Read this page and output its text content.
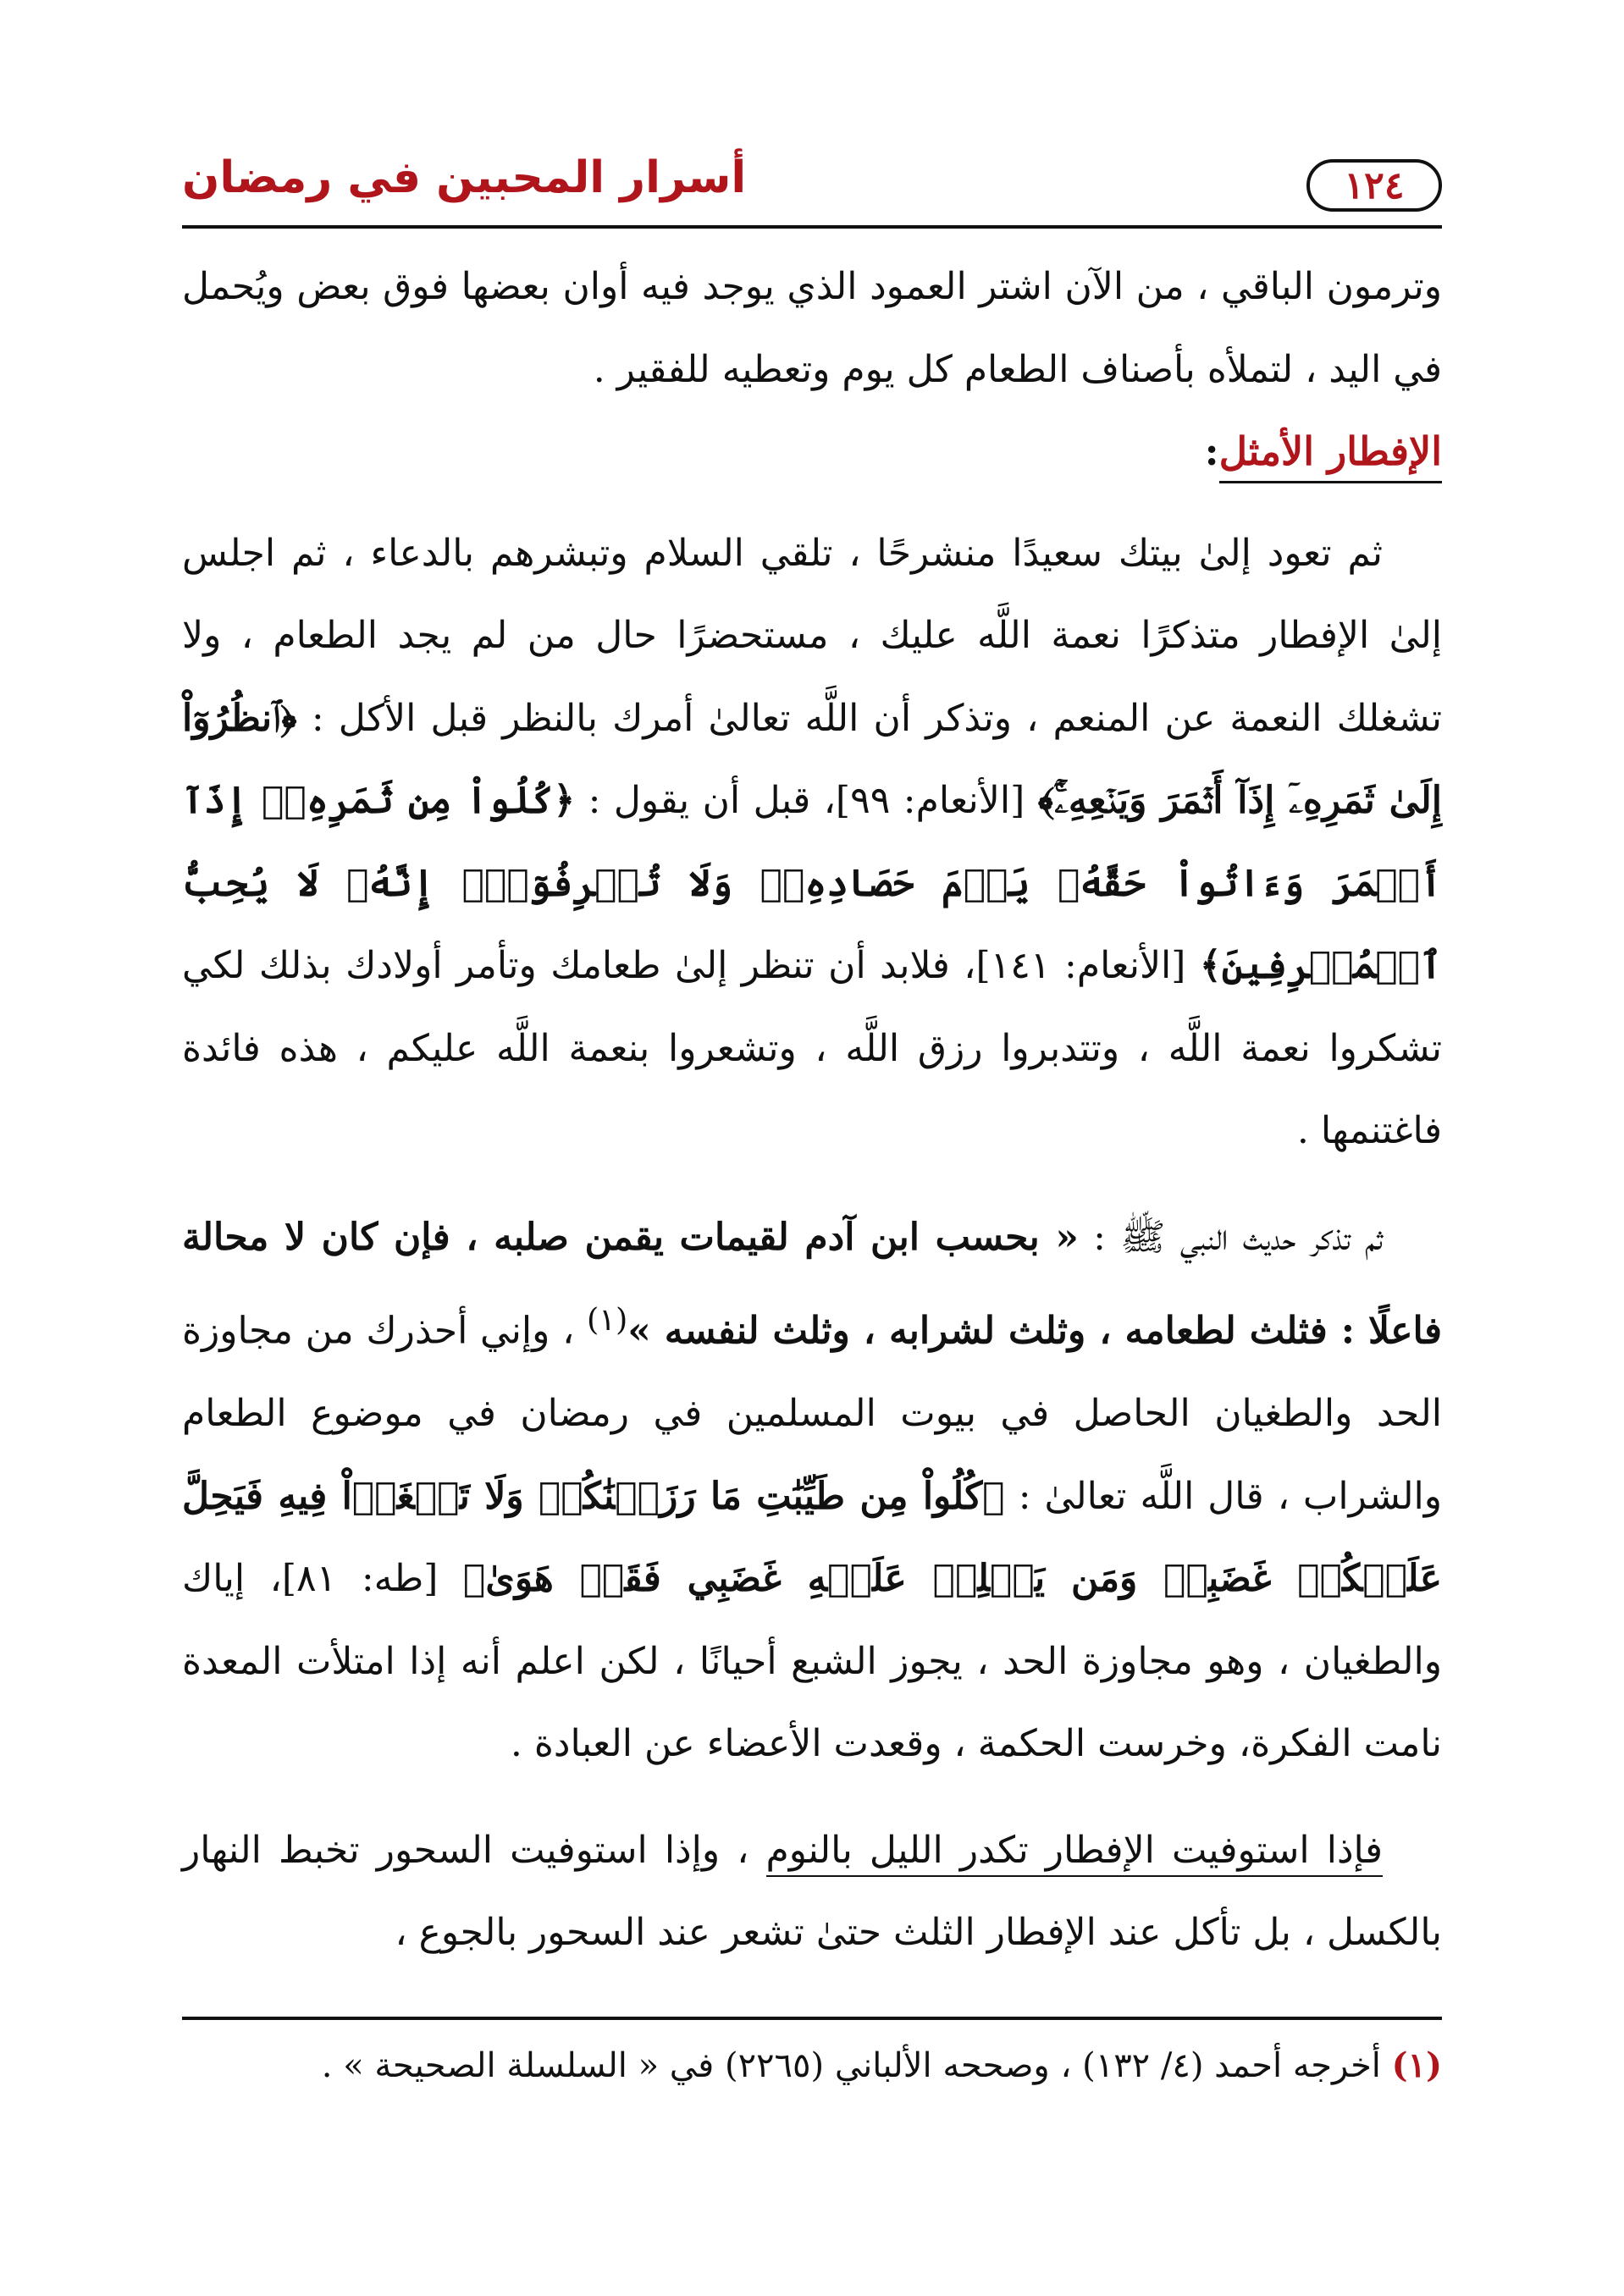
١٢٤
أسرار المحبين في رمضان

وترمون الباقي ، من الآن اشتر العمود الذي يوجد فيه أوان بعضها فوق بعض ويُحمل في اليد ، لتملأه بأصناف الطعام كل يوم وتعطيه للفقير .

الإفطار الأمثل:

ثم تعود إلىٰ بيتك سعيدًا منشرحًا ، تلقي السلام وتبشرهم بالدعاء ، ثم اجلس إلىٰ الإفطار متذكرًا نعمة اللَّه عليك ، مستحضرًا حال من لم يجد الطعام ، ولا تشغلك النعمة عن المنعم ، وتذكر أن اللَّه تعالىٰ أمرك بالنظر قبل الأكل : ﴿ٱنظُرُوٓاْ إِلَىٰ ثَمَرِهِۦٓ إِذَآ أَثۡمَرَ وَيَنۡعِهِۦٓۚ﴾ [الأنعام: ٩٩]، قبل أن يقول : ﴿كُلُواْ مِن ثَمَرِهِۦٓ إِذَآ أَثۡمَرَ وَءَاتُواْ حَقَّهُۥ يَوۡمَ حَصَادِهِۦۖ وَلَا تُسۡرِفُوٓاْۚ إِنَّهُۥ لَا يُحِبُّ ٱلۡمُسۡرِفِينَ﴾ [الأنعام: ١٤١]، فلابد أن تنظر إلىٰ طعامك وتأمر أولادك بذلك لكي تشكروا نعمة اللَّه ، وتتدبروا رزق اللَّه ، وتشعروا بنعمة اللَّه عليكم ، هذه فائدة فاغتنمها .

ثم تذكر حديث النبي ﷺ : « بحسب ابن آدم لقيمات يقمن صلبه ، فإن كان لا محالة فاعلًا : فثلث لطعامه ، وثلث لشرابه ، وثلث لنفسه »$^{(١)}$ ، وإني أحذرك من مجاوزة الحد والطغيان الحاصل في بيوت المسلمين في رمضان في موضوع الطعام والشراب ، قال اللَّه تعالىٰ : ﴿كُلُواْ مِن طَيِّبَٰتِ مَا رَزَقۡنَٰكُمۡ وَلَا تَطۡغَوۡاْ فِيهِ فَيَحِلَّ عَلَيۡكُمۡ غَضَبِيۖ وَمَن يَحۡلِلۡ عَلَيۡهِ غَضَبِي فَقَدۡ هَوَىٰ﴾ [طه: ٨١]، إياك والطغيان ، وهو مجاوزة الحد ، يجوز الشبع أحيانًا ، لكن اعلم أنه إذا امتلأت المعدة نامت الفكرة، وخرست الحكمة ، وقعدت الأعضاء عن العبادة .

فإذا استوفيت الإفطار تكدر الليل بالنوم ، وإذا استوفيت السحور تخبط النهار بالكسل ، بل تأكل عند الإفطار الثلث حتىٰ تشعر عند السحور بالجوع ،

(١) أخرجه أحمد (٤/ ١٣٢) ، وصححه الألباني (٢٢٦٥) في « السلسلة الصحيحة » .
